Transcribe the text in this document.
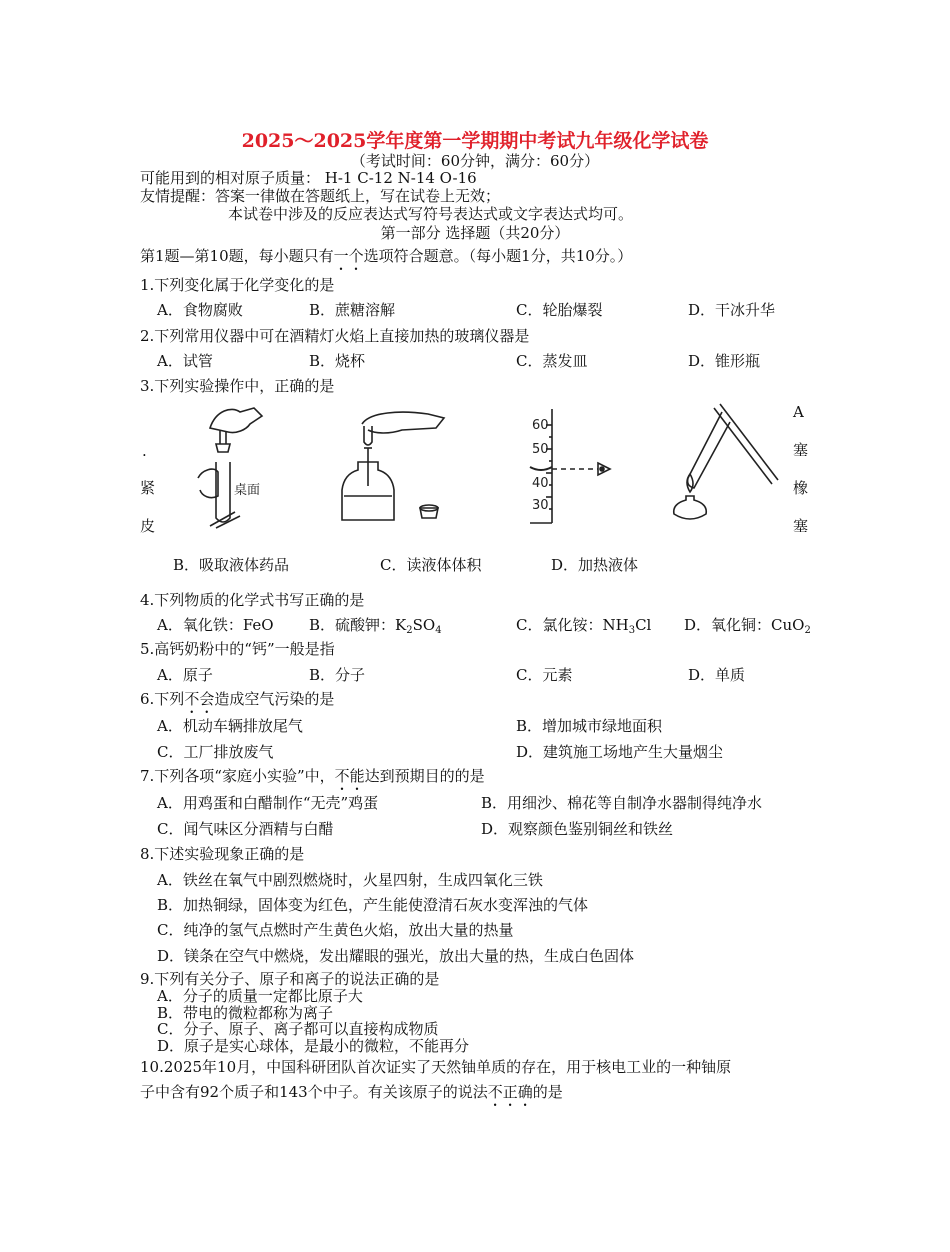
2025～2025学年度第一学期期中考试九年级化学试卷
（考试时间：60分钟，满分：60分）
可能用到的相对原子质量： H-1 C-12 N-14 O-16
友情提醒：答案一律做在答题纸上，写在试卷上无效；
本试卷中涉及的反应表达式写符号表达式或文字表达式均可。
第一部分 选择题（共20分）
第1题—第10题，每小题只有一个选项符合题意。（每小题1分，共10分。）
1.下列变化属于化学变化的是
A．食物腐败	B．蔗糖溶解	C．轮胎爆裂	D．干冰升华
2.下列常用仪器中可在酒精灯火焰上直接加热的玻璃仪器是
A．试管	B．烧杯	C．蒸发皿	D．锥形瓶
3.下列实验操作中，正确的是
.
紧
皮
A
塞
橡
塞
桌面
60
50
40
30
B．吸取液体药品	C．读液体体积	D．加热液体
4.下列物质的化学式书写正确的是
A．氧化铁：FeO B．硫酸钾：$K_2SO_4$	C．氯化铵：$NH_3Cl$ D．氧化铜：CuO$_2$
5.高钙奶粉中的“钙”一般是指
A．原子	B．分子	C．元素	D．单质
6.下列不会造成空气污染的是
A．机动车辆排放尾气	B．增加城市绿地面积
C．工厂排放废气	D．建筑施工场地产生大量烟尘
7.下列各项“家庭小实验”中，不能达到预期目的的是
A．用鸡蛋和白醋制作“无壳”鸡蛋	B．用细沙、棉花等自制净水器制得纯净水
C．闻气味区分酒精与白醋	D．观察颜色鉴别铜丝和铁丝
8.下述实验现象正确的是
A．铁丝在氧气中剧烈燃烧时，火星四射，生成四氧化三铁
B．加热铜绿，固体变为红色，产生能使澄清石灰水变浑浊的气体
C．纯净的氢气点燃时产生黄色火焰，放出大量的热量
D．镁条在空气中燃烧，发出耀眼的强光，放出大量的热，生成白色固体
9.下列有关分子、原子和离子的说法正确的是
A．分子的质量一定都比原子大
B．带电的微粒都称为离子
C．分子、原子、离子都可以直接构成物质
D．原子是实心球体，是最小的微粒，不能再分
10.2025年10月，中国科研团队首次证实了天然铀单质的存在，用于核电工业的一种铀原
子中含有92个质子和143个中子。有关该原子的说法不正确的是
